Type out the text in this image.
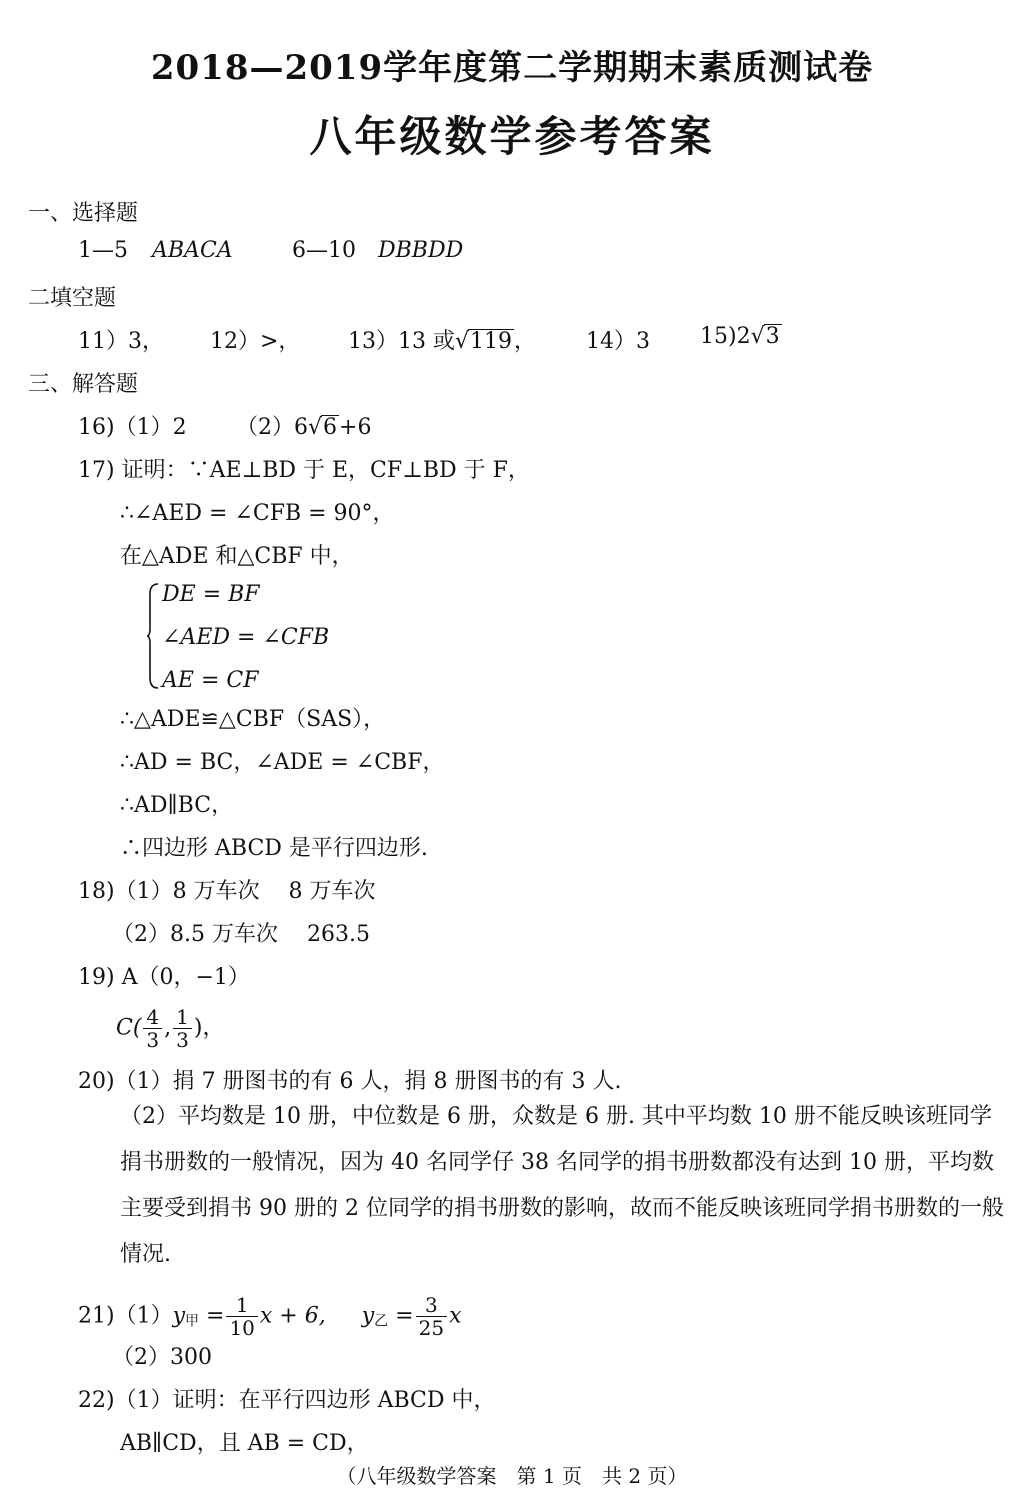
2018—2019学年度第二学期期末素质测试卷
八年级数学参考答案
一、选择题
1—5 ABACA	6—10 DBBDD
二填空题
11）3， 12）>， 13）13 或√119， 14）3 15)2√3
三、解答题
16)（1）2 （2）6√6+6
17) 证明：∵AE⊥BD 于 E，CF⊥BD 于 F，
∴∠AED = ∠CFB = 90°，
在△ADE 和△CBF 中，
DE = BF
∠AED = ∠CFB
AE = CF
∴△ADE≌△CBF（SAS），
∴AD = BC，∠ADE = ∠CBF，
∴AD∥BC，
∴四边形 ABCD 是平行四边形.
18)（1）8 万车次　 8 万车次
（2）8.5 万车次　 263.5
19) A（0，−1）
$C( \frac{4}{3}$ , $\frac{1}{3}$ )，
20)（1）捐 7 册图书的有 6 人，捐 8 册图书的有 3 人.
（2）平均数是 10 册，中位数是 6 册，众数是 6 册. 其中平均数 10 册不能反映该班同学捐书册数的一般情况，因为 40 名同学仔 38 名同学的捐书册数都没有达到 10 册，平均数主要受到捐书 90 册的 2 位同学的捐书册数的影响，故而不能反映该班同学捐书册数的一般情况.
$21)(1)y_甲 = \frac{1}{10}$ x + 6, $y_乙 = \frac{3}{25}$ x
（2）300
22)（1）证明：在平行四边形 ABCD 中，
AB∥CD，且 AB = CD，
（八年级数学答案　第 1 页　共 2 页）
